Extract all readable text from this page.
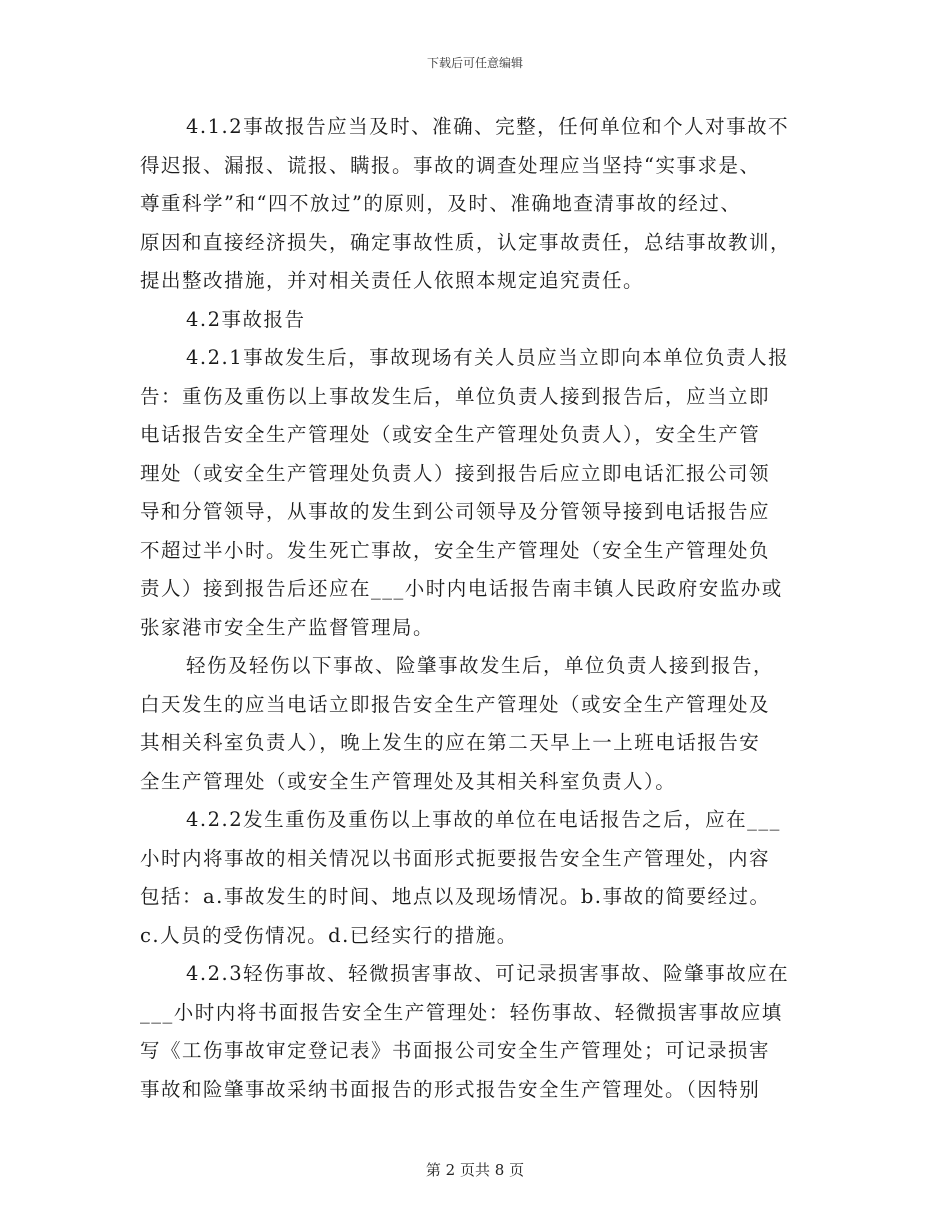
下载后可任意编辑
4.1.2事故报告应当及时、准确、完整，任何单位和个人对事故不
得迟报、漏报、谎报、瞒报。事故的调查处理应当坚持“实事求是、
尊重科学”和“四不放过”的原则，及时、准确地查清事故的经过、
原因和直接经济损失，确定事故性质，认定事故责任，总结事故教训，
提出整改措施，并对相关责任人依照本规定追究责任。
4.2事故报告
4.2.1事故发生后，事故现场有关人员应当立即向本单位负责人报
告：重伤及重伤以上事故发生后，单位负责人接到报告后，应当立即
电话报告安全生产管理处（或安全生产管理处负责人），安全生产管
理处（或安全生产管理处负责人）接到报告后应立即电话汇报公司领
导和分管领导，从事故的发生到公司领导及分管领导接到电话报告应
不超过半小时。发生死亡事故，安全生产管理处（安全生产管理处负
责人）接到报告后还应在___小时内电话报告南丰镇人民政府安监办或
张家港市安全生产监督管理局。
轻伤及轻伤以下事故、险肇事故发生后，单位负责人接到报告，
白天发生的应当电话立即报告安全生产管理处（或安全生产管理处及
其相关科室负责人），晚上发生的应在第二天早上一上班电话报告安
全生产管理处（或安全生产管理处及其相关科室负责人）。
4.2.2发生重伤及重伤以上事故的单位在电话报告之后，应在___
小时内将事故的相关情况以书面形式扼要报告安全生产管理处，内容
包括：a.事故发生的时间、地点以及现场情况。b.事故的简要经过。
c.人员的受伤情况。d.已经实行的措施。
4.2.3轻伤事故、轻微损害事故、可记录损害事故、险肇事故应在
___小时内将书面报告安全生产管理处：轻伤事故、轻微损害事故应填
写《工伤事故审定登记表》书面报公司安全生产管理处；可记录损害
事故和险肇事故采纳书面报告的形式报告安全生产管理处。（因特别
第 2 页共 8 页
